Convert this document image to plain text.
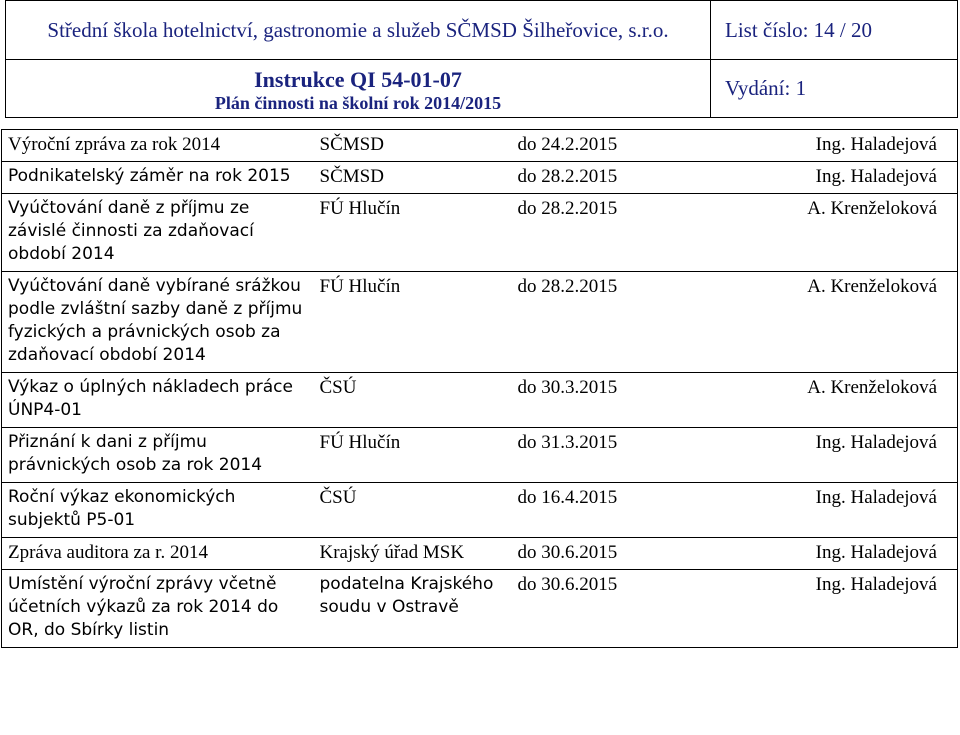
Střední škola hotelnictví, gastronomie a služeb SČMSD Šilheřovice, s.r.o.	List číslo: 14 / 20
Instrukce QI 54-01-07
Plán činnosti na školní rok 2014/2015	Vydání: 1
Výroční zpráva za rok 2014	SČMSD	do 24.2.2015	Ing. Haladejová
Podnikatelský záměr na rok 2015	SČMSD	do 28.2.2015	Ing. Haladejová
Vyúčtování daně z příjmu ze závislé činnosti za zdaňovací období 2014	FÚ Hlučín	do 28.2.2015	A. Krenželoková
Vyúčtování daně vybírané srážkou podle zvláštní sazby daně z příjmu fyzických a právnických osob za zdaňovací období 2014	FÚ Hlučín	do 28.2.2015	A. Krenželoková
Výkaz o úplných nákladech práce ÚNP4-01	ČSÚ	do 30.3.2015	A. Krenželoková
Přiznání k dani z příjmu právnických osob za rok 2014	FÚ Hlučín	do 31.3.2015	Ing. Haladejová
Roční výkaz ekonomických subjektů P5-01	ČSÚ	do 16.4.2015	Ing. Haladejová
Zpráva auditora za r. 2014	Krajský úřad MSK	do 30.6.2015	Ing. Haladejová
Umístění výroční zprávy včetně účetních výkazů za rok 2014 do OR, do Sbírky listin	podatelna Krajského soudu v Ostravě	do 30.6.2015	Ing. Haladejová
